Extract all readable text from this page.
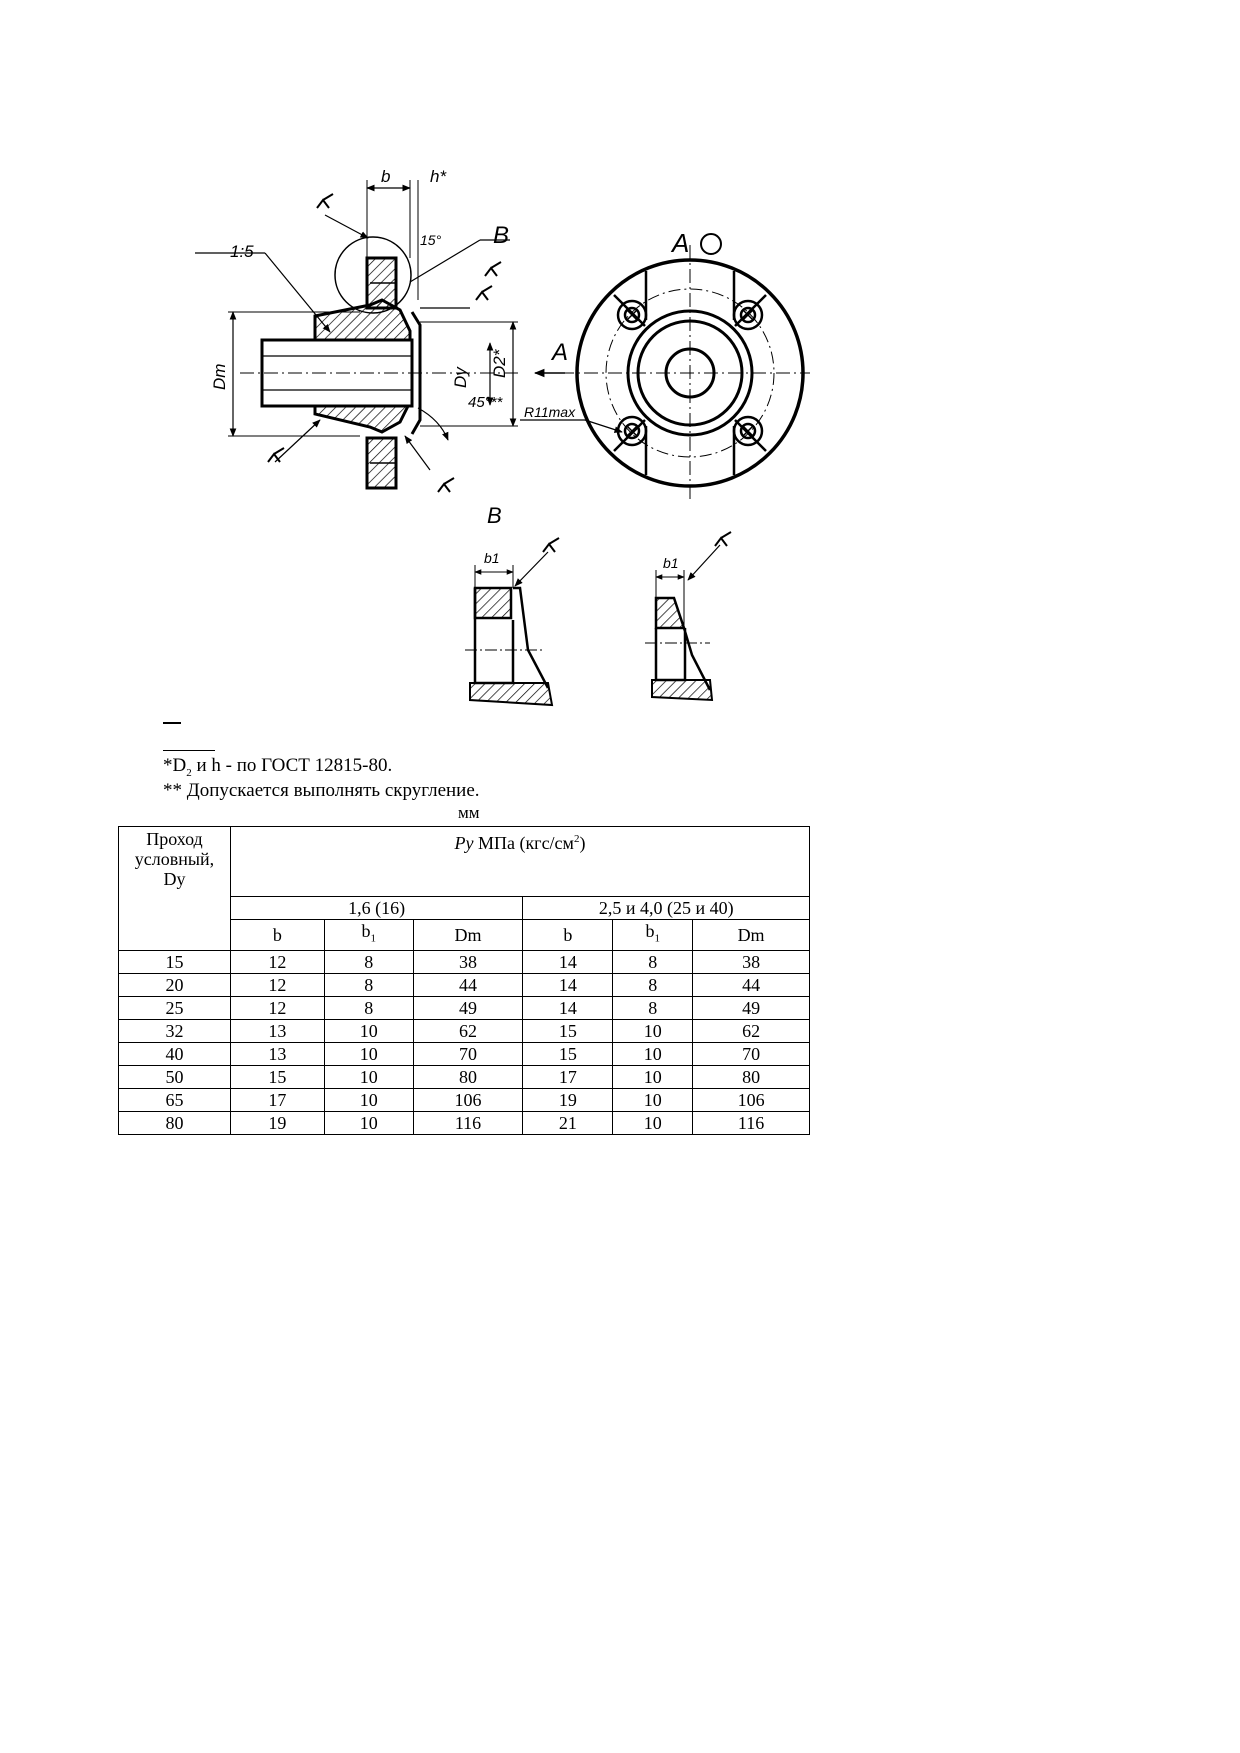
b h*
1:5
15° B
Dm	Dy D2*
45°**
R11max
A
A
B
b1	b1
$*D_2$ и h - по ГОСТ 12815-80.
** Допускается выполнять скругление.
мм
Проход
условный,
Dy	Py МПа $(кгс/см^2)$					
	1,6 (16)			2,5 и 4,0 (25 и 40)		
	b	$b_1$	Dm	b	$b_1$	Dm
15	12	8	38	14	8	38
20	12	8	44	14	8	44
25	12	8	49	14	8	49
32	13	10	62	15	10	62
40	13	10	70	15	10	70
50	15	10	80	17	10	80
65	17	10	106	19	10	106
80	19	10	116	21	10	116
